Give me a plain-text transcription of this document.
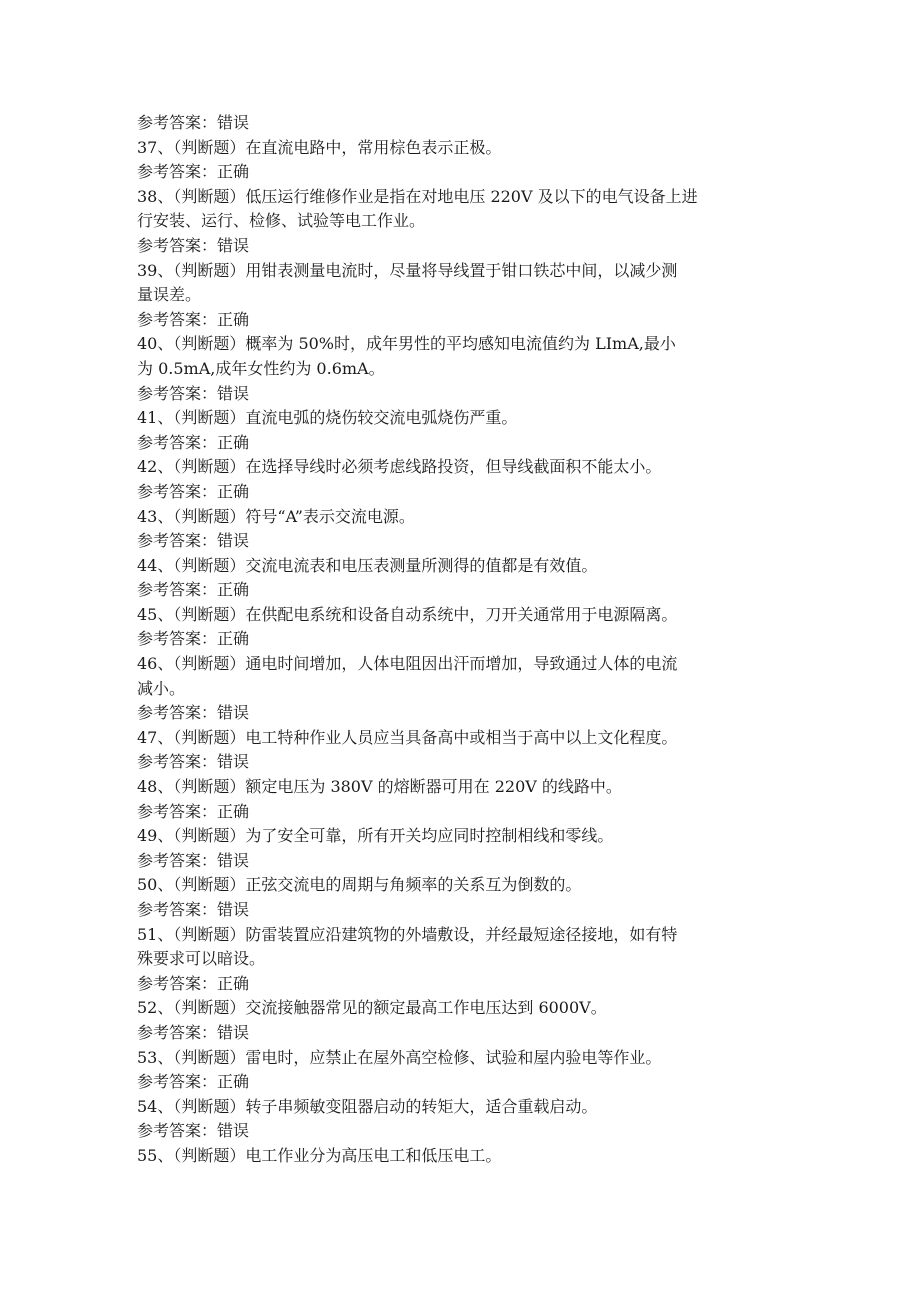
参考答案：错误
37、（判断题）在直流电路中，常用棕色表示正极。
参考答案：正确
38、（判断题）低压运行维修作业是指在对地电压 220V 及以下的电气设备上进
行安装、运行、检修、试验等电工作业。
参考答案：错误
39、（判断题）用钳表测量电流时，尽量将导线置于钳口铁芯中间，以减少测
量误差。
参考答案：正确
40、（判断题）概率为 50%时，成年男性的平均感知电流值约为 LImA,最小
为 0.5mA,成年女性约为 0.6mA。
参考答案：错误
41、（判断题）直流电弧的烧伤较交流电弧烧伤严重。
参考答案：正确
42、（判断题）在选择导线时必须考虑线路投资，但导线截面积不能太小。
参考答案：正确
43、（判断题）符号“A”表示交流电源。
参考答案：错误
44、（判断题）交流电流表和电压表测量所测得的值都是有效值。
参考答案：正确
45、（判断题）在供配电系统和设备自动系统中，刀开关通常用于电源隔离。
参考答案：正确
46、（判断题）通电时间增加，人体电阻因出汗而增加，导致通过人体的电流
减小。
参考答案：错误
47、（判断题）电工特种作业人员应当具备高中或相当于高中以上文化程度。
参考答案：错误
48、（判断题）额定电压为 380V 的熔断器可用在 220V 的线路中。
参考答案：正确
49、（判断题）为了安全可靠，所有开关均应同时控制相线和零线。
参考答案：错误
50、（判断题）正弦交流电的周期与角频率的关系互为倒数的。
参考答案：错误
51、（判断题）防雷装置应沿建筑物的外墙敷设，并经最短途径接地，如有特
殊要求可以暗设。
参考答案：正确
52、（判断题）交流接触器常见的额定最高工作电压达到 6000V。
参考答案：错误
53、（判断题）雷电时，应禁止在屋外高空检修、试验和屋内验电等作业。
参考答案：正确
54、（判断题）转子串频敏变阻器启动的转矩大，适合重载启动。
参考答案：错误
55、（判断题）电工作业分为高压电工和低压电工。
